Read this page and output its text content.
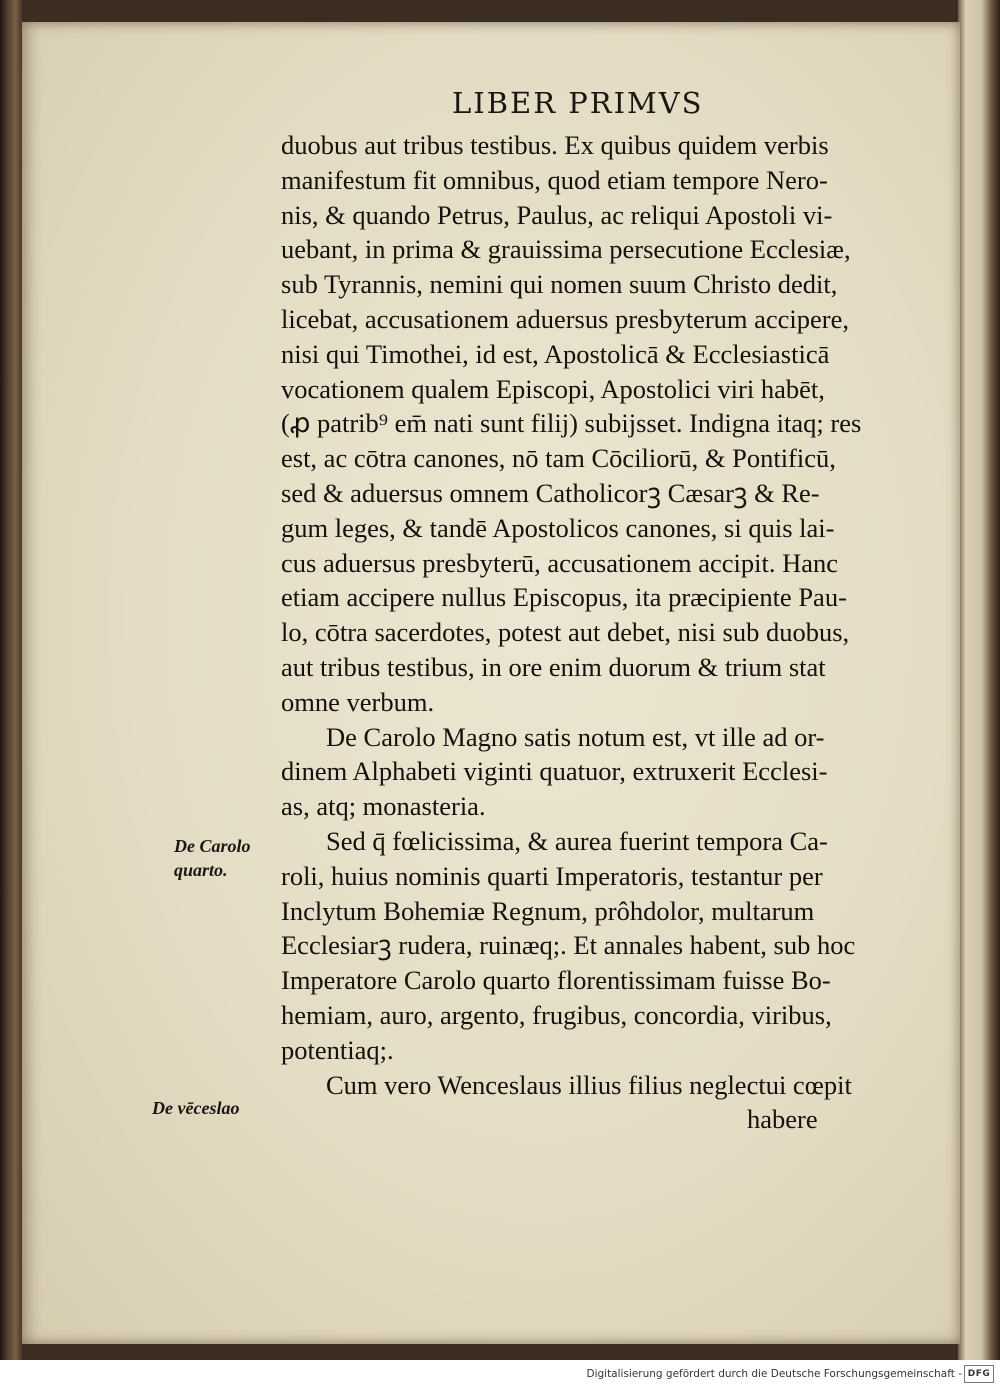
LIBER PRIMVS
duobus aut tribus testibus. Ex quibus quidem verbis
manifestum fit omnibus, quod etiam tempore Nero-
nis, & quando Petrus, Paulus, ac reliqui Apostoli vi-
uebant, in prima & grauissima persecutione Ecclesiæ,
sub Tyrannis, nemini qui nomen suum Christo dedit,
licebat, accusationem aduersus presbyterum accipere,
nisi qui Timothei, id est, Apostolicā & Ecclesiasticā
vocationem qualem Episcopi, Apostolici viri habēt,
(ꝓ patrib⁹ em̄ nati sunt filij) subijsset. Indigna itaq; res
est, ac cōtra canones, nō tam Cōciliorū, & Pontificū,
sed & aduersus omnem Catholicorꝫ Cæsarꝫ & Re-
gum leges, & tandē Apostolicos canones, si quis lai-
cus aduersus presbyterū, accusationem accipit. Hanc
etiam accipere nullus Episcopus, ita præcipiente Pau-
lo, cōtra sacerdotes, potest aut debet, nisi sub duobus,
aut tribus testibus, in ore enim duorum & trium stat
omne verbum.
De Carolo Magno satis notum est, vt ille ad or-
dinem Alphabeti viginti quatuor, extruxerit Ecclesi-
as, atq; monasteria.
Sed q̄ fœlicissima, & aurea fuerint tempora Ca-
roli, huius nominis quarti Imperatoris, testantur per
Inclytum Bohemiæ Regnum, prôhdolor, multarum
Ecclesiarꝫ rudera, ruinæq;. Et annales habent, sub hoc
Imperatore Carolo quarto florentissimam fuisse Bo-
hemiam, auro, argento, frugibus, concordia, viribus,
potentiaq;.
Cum vero Wenceslaus illius filius neglectui cœpit
habere
De Carolo
quarto.
De vēceslao
Digitalisierung gefördert durch die Deutsche Forschungsgemeinschaft - DFG
